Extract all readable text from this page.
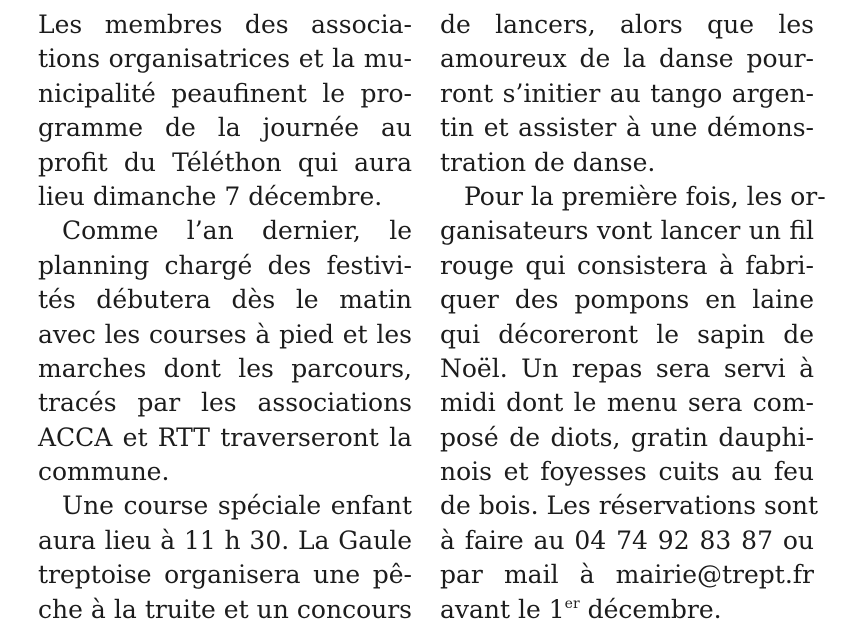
Les membres des associa-
tions organisatrices et la mu-
nicipalité peaufinent le pro-
gramme de la journée au
profit du Téléthon qui aura
lieu dimanche 7 décembre.
Comme l’an dernier, le
planning chargé des festivi-
tés débutera dès le matin
avec les courses à pied et les
marches dont les parcours,
tracés par les associations
ACCA et RTT traverseront la
commune.
Une course spéciale enfant
aura lieu à 11 h 30. La Gaule
treptoise organisera une pê-
che à la truite et un concours
de lancers, alors que les
amoureux de la danse pour-
ront s’initier au tango argen-
tin et assister à une démons-
tration de danse.
Pour la première fois, les or-
ganisateurs vont lancer un fil
rouge qui consistera à fabri-
quer des pompons en laine
qui décoreront le sapin de
Noël. Un repas sera servi à
midi dont le menu sera com-
posé de diots, gratin dauphi-
nois et foyesses cuits au feu
de bois. Les réservations sont
à faire au 04 74 92 83 87 ou
par mail à mairie@trept.fr
avant le 1er décembre.
